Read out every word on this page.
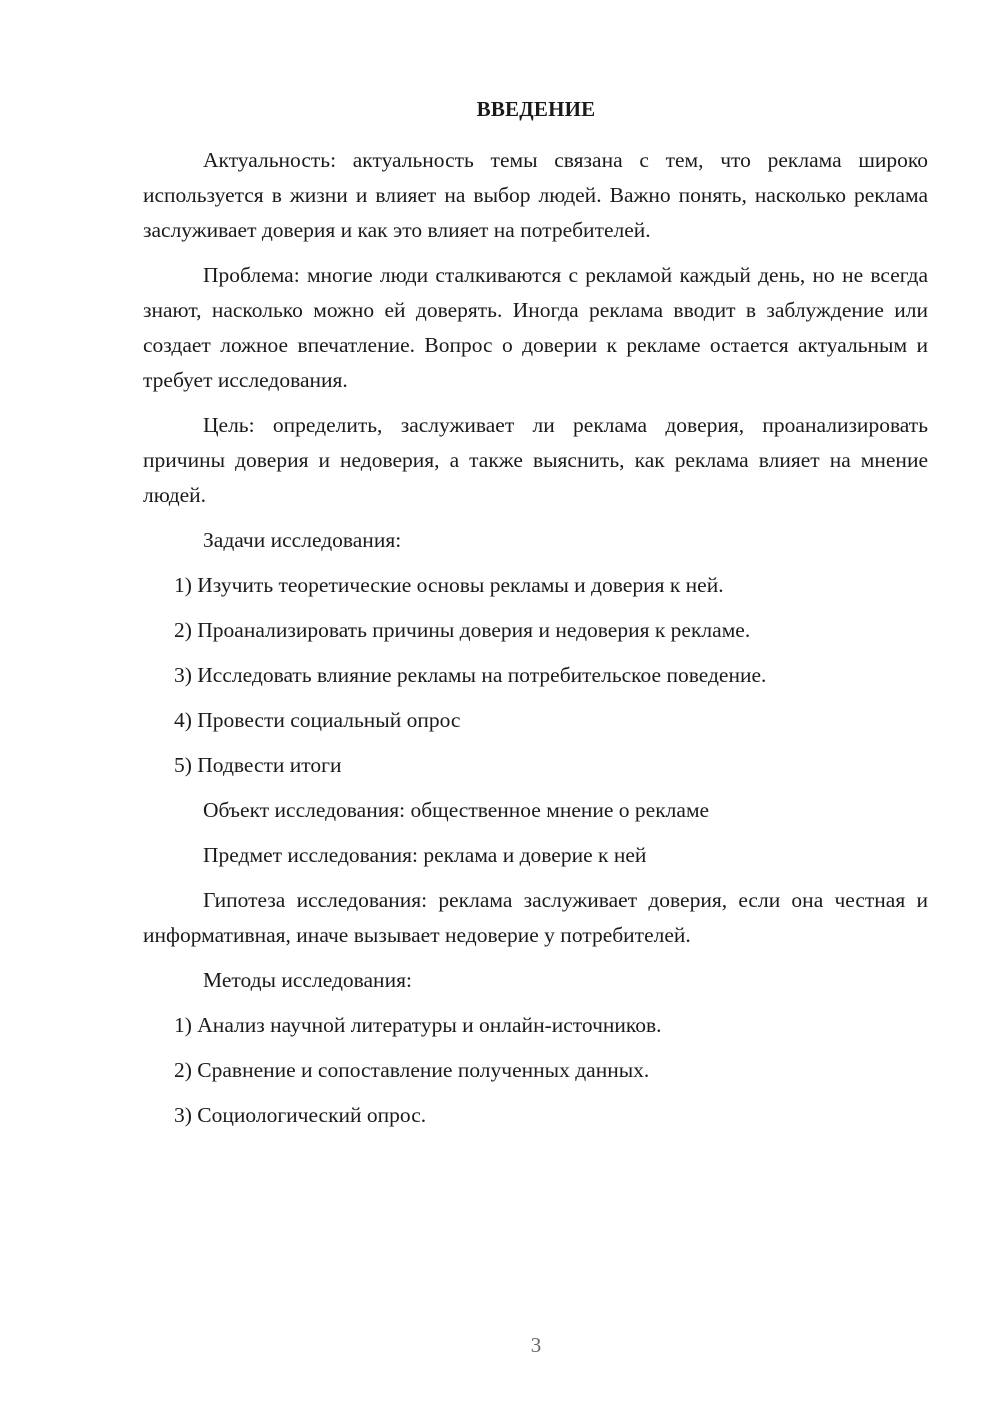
ВВЕДЕНИЕ

Актуальность: актуальность темы связана с тем, что реклама широко используется в жизни и влияет на выбор людей. Важно понять, насколько реклама заслуживает доверия и как это влияет на потребителей.

Проблема: многие люди сталкиваются с рекламой каждый день, но не всегда знают, насколько можно ей доверять. Иногда реклама вводит в заблуждение или создает ложное впечатление. Вопрос о доверии к рекламе остается актуальным и требует исследования.

Цель: определить, заслуживает ли реклама доверия, проанализировать причины доверия и недоверия, а также выяснить, как реклама влияет на мнение людей.

Задачи исследования:

1) Изучить теоретические основы рекламы и доверия к ней.

2) Проанализировать причины доверия и недоверия к рекламе.

3) Исследовать влияние рекламы на потребительское поведение.

4) Провести социальный опрос

5) Подвести итоги

Объект исследования: общественное мнение о рекламе

Предмет исследования: реклама и доверие к ней

Гипотеза исследования: реклама заслуживает доверия, если она честная и информативная, иначе вызывает недоверие у потребителей.

Методы исследования:

1) Анализ научной литературы и онлайн-источников.

2) Сравнение и сопоставление полученных данных.

3) Социологический опрос.

3
